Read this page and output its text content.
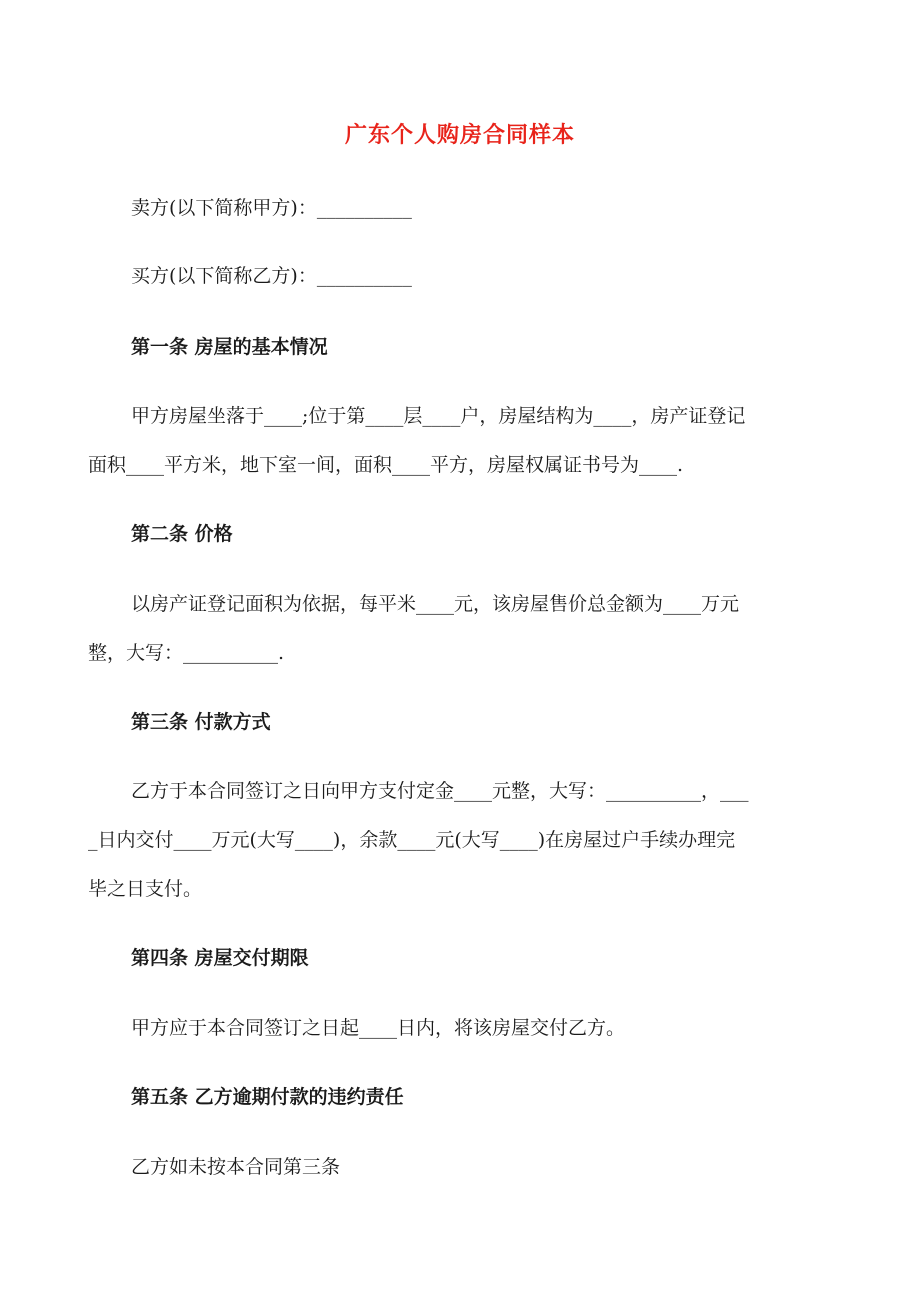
广东个人购房合同样本
卖方(以下简称甲方)：__________
买方(以下简称乙方)：__________
第一条 房屋的基本情况
甲方房屋坐落于____;位于第____层____户，房屋结构为____，房产证登记
面积____平方米，地下室一间，面积____平方，房屋权属证书号为____.
第二条 价格
以房产证登记面积为依据，每平米____元，该房屋售价总金额为____万元
整，大写：__________.
第三条 付款方式
乙方于本合同签订之日向甲方支付定金____元整，大写：__________，___
_日内交付____万元(大写____)，余款____元(大写____)在房屋过户手续办理完
毕之日支付。
第四条 房屋交付期限
甲方应于本合同签订之日起____日内，将该房屋交付乙方。
第五条 乙方逾期付款的违约责任
乙方如未按本合同第三条
